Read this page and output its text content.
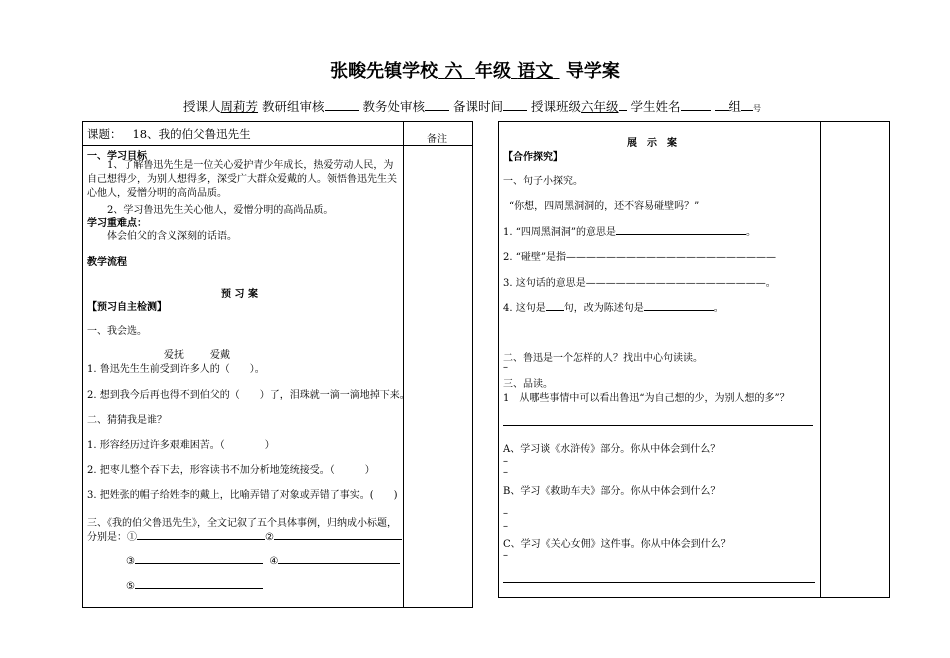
张畯先镇学校 六 年级 语文 导学案
授课人周莉芳 教研组审核	教务处审核 备课时间 授课班级六年级 学生姓名	组 号
课题： 18、我的伯父鲁迅先生	备注
一、学习目标
1、了解鲁迅先生是一位关心爱护青少年成长，热爱劳动人民，为自己想得少，为别人想得多，深受广大群众爱戴的人。领悟鲁迅先生关心他人，爱憎分明的高尚品质。
2、学习鲁迅先生关心他人，爱憎分明的高尚品质。
学习重难点：
体会伯父的含义深刻的话语。
教学流程
预 习 案
【预习自主检测】
一、我会选。
爱抚	爱戴
1. 鲁迅先生生前受到许多人的（　　）。
2. 想到我今后再也得不到伯父的（　　）了，泪珠就一滴一滴地掉下来。
二、猜猜我是谁？
1. 形容经历过许多艰难困苦。（　　　　）
2. 把枣儿整个吞下去，形容读书不加分析地笼统接受。（　　　）
3. 把姓张的帽子给姓李的戴上，比喻弄错了对象或弄错了事实。(　　)
三、《我的伯父鲁迅先生》，全文记叙了五个具体事例，归纳成小标题，
分别是：①	②
③	④
⑤
展　示　案
【合作探究】
一、句子小探究。
“你想，四周黑洞洞的，还不容易碰壁吗？”
1. “四周黑洞洞”的意思是	。
2. “碰壁”是指—————————————————————
3. 这句话的意思是——————————————————。
4. 这句是 句，改为陈述句是	。
二、鲁迅是一个怎样的人？找出中心句读读。
–
三、品读。
1　从哪些事情中可以看出鲁迅“为自己想的少，为别人想的多”？
A、学习谈《水浒传》部分。你从中体会到什么？
–
–
B、学习《救助车夫》部分。你从中体会到什么？
–
–
C、学习《关心女佣》这件事。你从中体会到什么？
–
